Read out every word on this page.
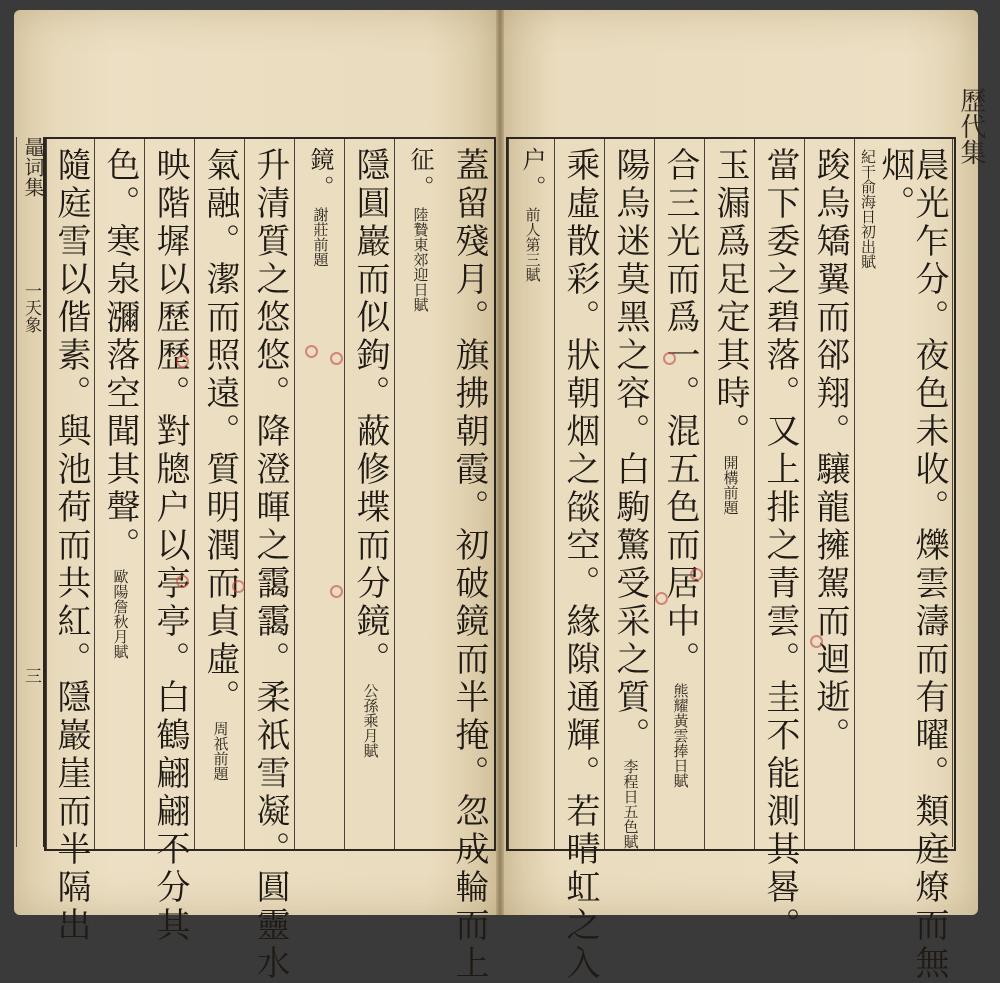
鼂词集
一天象
三
歷代集
晨光乍分。夜色未收。爍雲濤而有曜。類庭燎而無
紀干俞海日初出賦
烟。
踆烏矯翼而郤翔。驤龍擁駕而迴逝。
當下委之碧落。又上排之青雲。圭不能測其晷。
玉漏爲足定其時。
開構前題
合三光而爲一。混五色而居中。
熊耀黃雲捧日賦
陽烏迷莫黑之容。白駒驚受采之質。
李程日五色賦
乘虛散彩。狀朝烟之燄空。緣隙通輝。若晴虹之入
户。
前人第三賦
蓋留殘月。旗拂朝霞。初破鏡而半掩。忽成輪而上
征。
陸贄東郊迎日賦
隱圓巖而似鉤。蔽修堞而分鏡。
公孫乘月賦
鏡。
謝莊前題
升清質之悠悠。降澄暉之靄靄。柔祇雪凝。圓靈水
氣融。潔而照遠。質明潤而貞虛。
周祇前題
映階墀以歷歷。對牕户以亭亭。白鶴翩翩不分其
色。寒泉瀰落空聞其聲。
歐陽詹秋月賦
隨庭雪以偕素。與池荷而共紅。隱巖崖而半隔出
